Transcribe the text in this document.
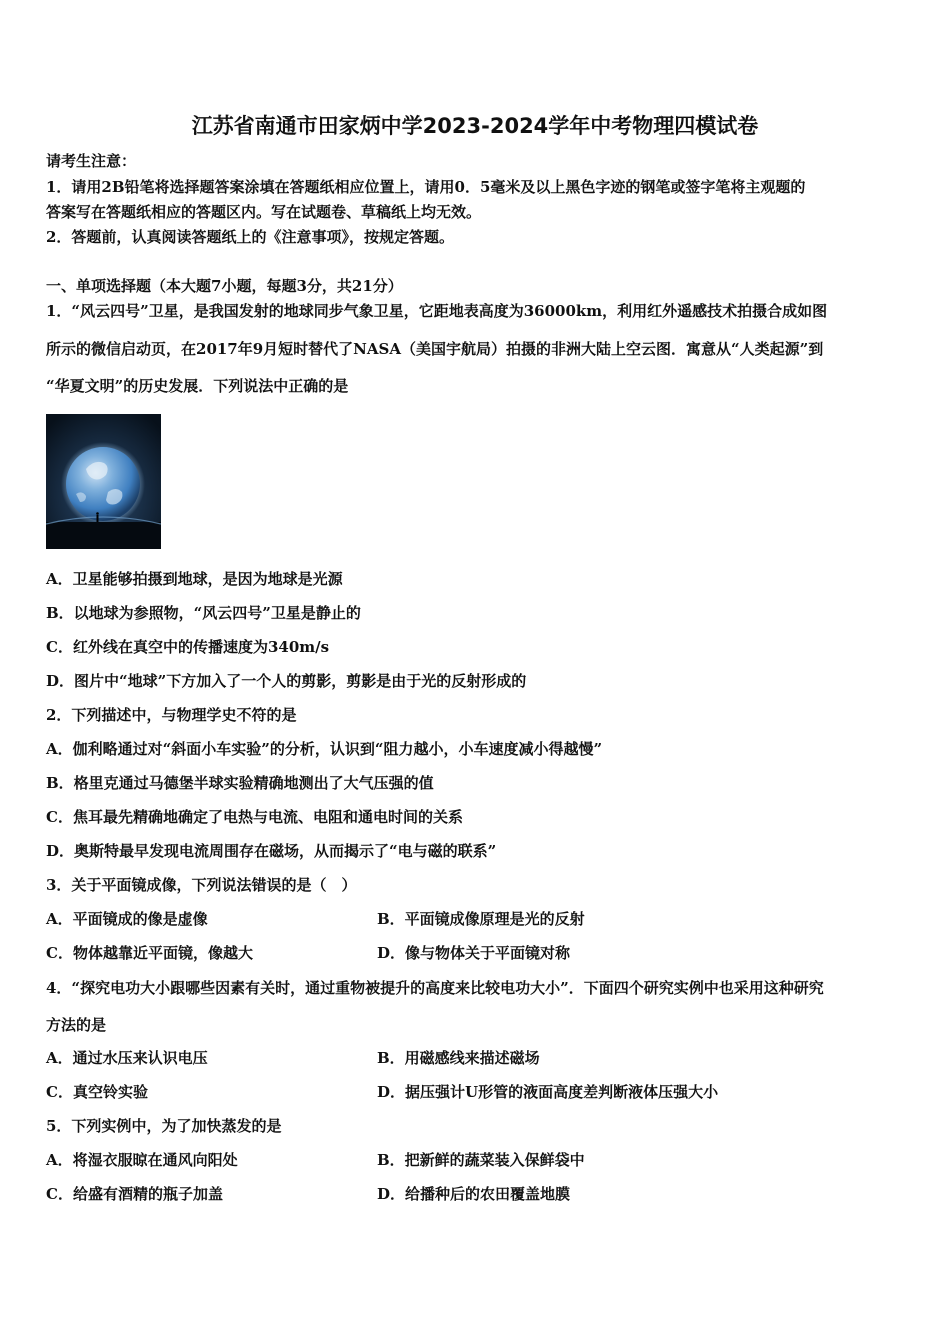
江苏省南通市田家炳中学2023-2024学年中考物理四模试卷
请考生注意：
1．请用2B铅笔将选择题答案涂填在答题纸相应位置上，请用0．5毫米及以上黑色字迹的钢笔或签字笔将主观题的
答案写在答题纸相应的答题区内。写在试题卷、草稿纸上均无效。
2．答题前，认真阅读答题纸上的《注意事项》，按规定答题。
一、单项选择题（本大题7小题，每题3分，共21分）
1．“风云四号”卫星，是我国发射的地球同步气象卫星，它距地表高度为36000km，利用红外遥感技术拍摄合成如图
所示的微信启动页，在2017年9月短时替代了NASA（美国宇航局）拍摄的非洲大陆上空云图．寓意从“人类起源”到
“华夏文明”的历史发展．下列说法中正确的是
A．卫星能够拍摄到地球，是因为地球是光源
B．以地球为参照物，“风云四号”卫星是静止的
C．红外线在真空中的传播速度为340m/s
D．图片中“地球”下方加入了一个人的剪影，剪影是由于光的反射形成的
2．下列描述中，与物理学史不符的是
A．伽利略通过对“斜面小车实验”的分析，认识到“阻力越小，小车速度减小得越慢”
B．格里克通过马德堡半球实验精确地测出了大气压强的值
C．焦耳最先精确地确定了电热与电流、电阻和通电时间的关系
D．奥斯特最早发现电流周围存在磁场，从而揭示了“电与磁的联系”
3．关于平面镜成像，下列说法错误的是（　）
A．平面镜成的像是虚像	B．平面镜成像原理是光的反射
C．物体越靠近平面镜，像越大	D．像与物体关于平面镜对称
4．“探究电功大小跟哪些因素有关时，通过重物被提升的高度来比较电功大小”．下面四个研究实例中也采用这种研究
方法的是
A．通过水压来认识电压	B．用磁感线来描述磁场
C．真空铃实验	D．据压强计U形管的液面高度差判断液体压强大小
5．下列实例中，为了加快蒸发的是
A．将湿衣服晾在通风向阳处	B．把新鲜的蔬菜装入保鲜袋中
C．给盛有酒精的瓶子加盖	D．给播种后的农田覆盖地膜
